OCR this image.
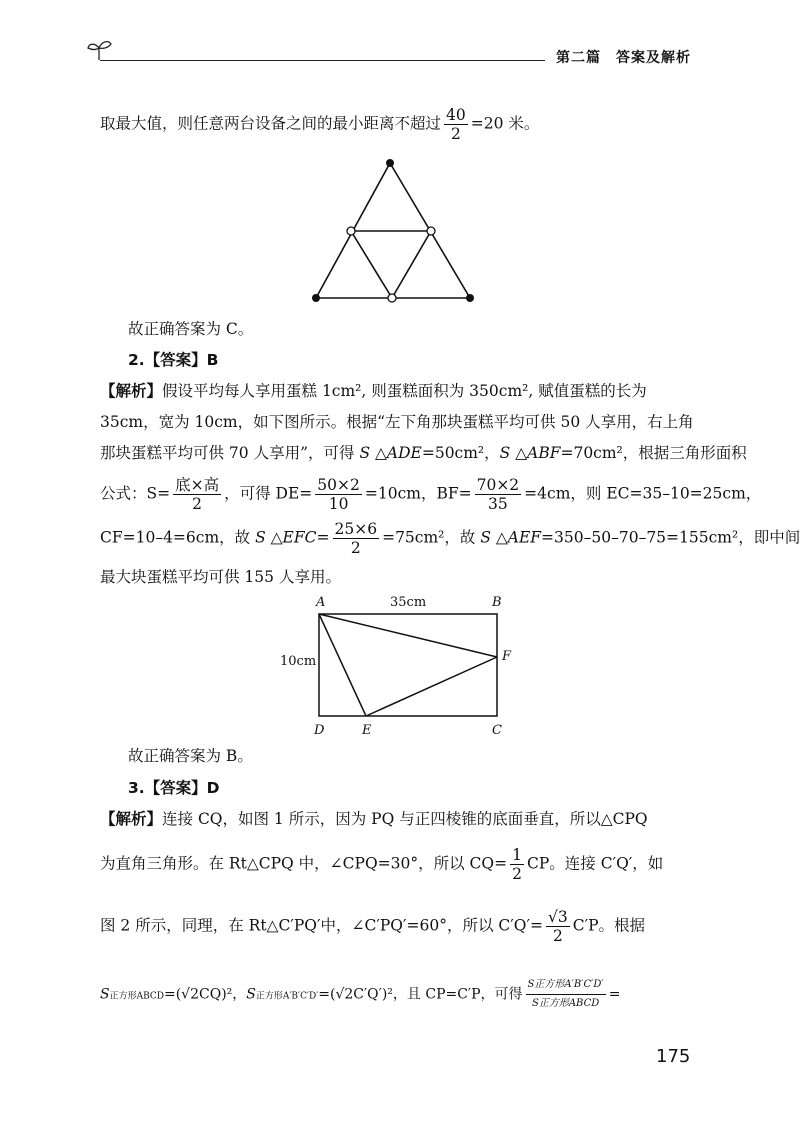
第二篇　答案及解析
取最大值，则任意两台设备之间的最小距离不超过 $\frac{40}{2} =20$ 米。
故正确答案为 C。
2.【答案】B
【解析】假设平均每人享用蛋糕 1cm², 则蛋糕面积为 350cm², 赋值蛋糕的长为
35cm，宽为 10cm，如下图所示。根据“左下角那块蛋糕平均可供 50 人享用，右上角
那块蛋糕平均可供 70 人享用”，可得 S △ADE=50cm²，S △ABF=70cm²，根据三角形面积
公式：$S= \frac{\text{底×高}}{2}$ ，可得 $DE= \frac{50\times 2}{10} =10cm$，$BF= \frac{70\times 2}{35} =4cm$，则 EC=35–10=25cm，
CF=10–4=6cm，故 S △EFC= $\frac{25\times 6}{2} =75cm^2$，故 S △AEF=350–50–70–75=155cm²，即中间
最大块蛋糕平均可供 155 人享用。
A	B
C
D	E
F
35cm
10cm
故正确答案为 B。
3.【答案】D
【解析】连接 CQ，如图 1 所示，因为 PQ 与正四棱锥的底面垂直，所以△CPQ
为直角三角形。在 Rt△CPQ 中，∠CPQ=30°，所以 $CQ= \frac{1}{2}$ CP。连接 C′Q′，如
图 2 所示，同理，在 Rt△C′PQ′中，∠C′PQ′=60°，所以 $C'Q'= \frac{√3}{2} C'P$。根据
S正方形ABCD=(√2CQ)²，S正方形A′B′C′D′=(√2C′Q′)²，且 CP=C′P，可得 $\frac{\text{S正方形A′B′C′D′}}{\text{S正方形ABCD}}$ =
175
